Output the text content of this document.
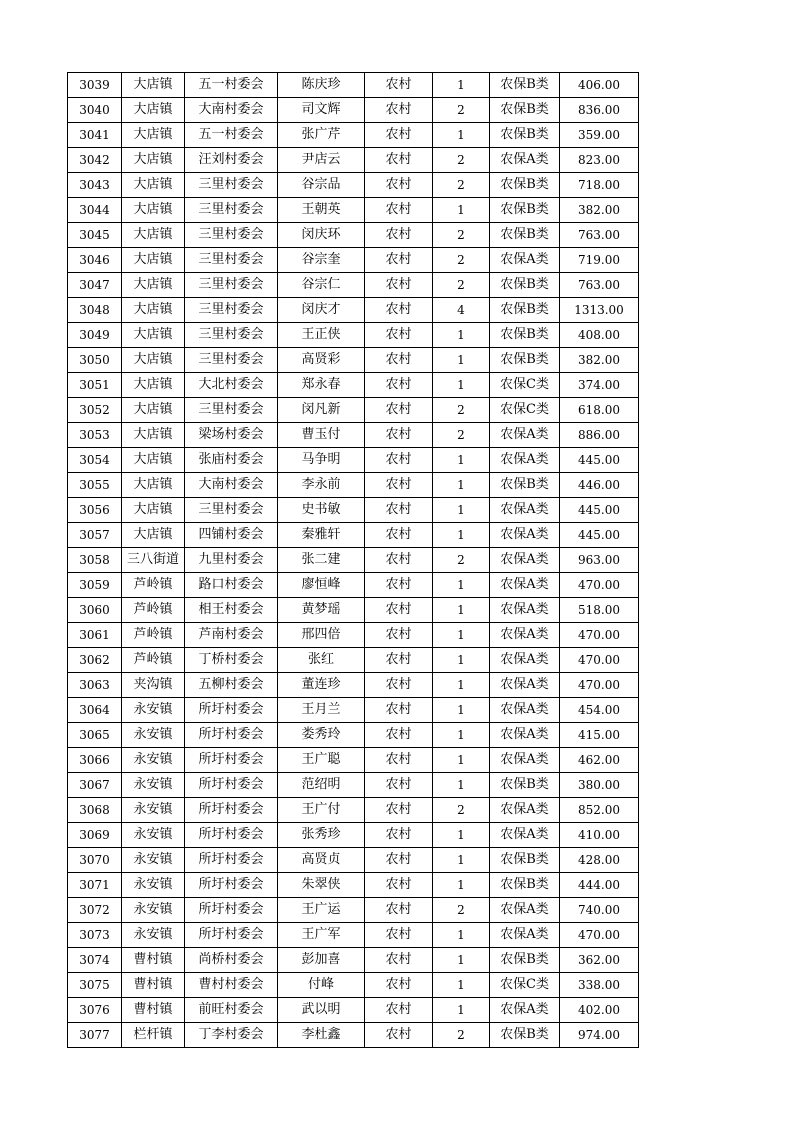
3039	大店镇	五一村委会	陈庆珍	农村	1	农保B类	406.00
3040	大店镇	大南村委会	司文辉	农村	2	农保B类	836.00
3041	大店镇	五一村委会	张广芹	农村	1	农保B类	359.00
3042	大店镇	汪刘村委会	尹店云	农村	2	农保A类	823.00
3043	大店镇	三里村委会	谷宗品	农村	2	农保B类	718.00
3044	大店镇	三里村委会	王朝英	农村	1	农保B类	382.00
3045	大店镇	三里村委会	闵庆环	农村	2	农保B类	763.00
3046	大店镇	三里村委会	谷宗奎	农村	2	农保A类	719.00
3047	大店镇	三里村委会	谷宗仁	农村	2	农保B类	763.00
3048	大店镇	三里村委会	闵庆才	农村	4	农保B类	1313.00
3049	大店镇	三里村委会	王正侠	农村	1	农保B类	408.00
3050	大店镇	三里村委会	高贤彩	农村	1	农保B类	382.00
3051	大店镇	大北村委会	郑永春	农村	1	农保C类	374.00
3052	大店镇	三里村委会	闵凡新	农村	2	农保C类	618.00
3053	大店镇	梁场村委会	曹玉付	农村	2	农保A类	886.00
3054	大店镇	张庙村委会	马争明	农村	1	农保A类	445.00
3055	大店镇	大南村委会	李永前	农村	1	农保B类	446.00
3056	大店镇	三里村委会	史书敏	农村	1	农保A类	445.00
3057	大店镇	四铺村委会	秦雅轩	农村	1	农保A类	445.00
3058	三八街道	九里村委会	张二建	农村	2	农保A类	963.00
3059	芦岭镇	路口村委会	廖恒峰	农村	1	农保A类	470.00
3060	芦岭镇	相王村委会	黄梦瑶	农村	1	农保A类	518.00
3061	芦岭镇	芦南村委会	邢四倍	农村	1	农保A类	470.00
3062	芦岭镇	丁桥村委会	张红	农村	1	农保A类	470.00
3063	夹沟镇	五柳村委会	董连珍	农村	1	农保A类	470.00
3064	永安镇	所圩村委会	王月兰	农村	1	农保A类	454.00
3065	永安镇	所圩村委会	娄秀玲	农村	1	农保A类	415.00
3066	永安镇	所圩村委会	王广聪	农村	1	农保A类	462.00
3067	永安镇	所圩村委会	范绍明	农村	1	农保B类	380.00
3068	永安镇	所圩村委会	王广付	农村	2	农保A类	852.00
3069	永安镇	所圩村委会	张秀珍	农村	1	农保A类	410.00
3070	永安镇	所圩村委会	高贤贞	农村	1	农保B类	428.00
3071	永安镇	所圩村委会	朱翠侠	农村	1	农保B类	444.00
3072	永安镇	所圩村委会	王广运	农村	2	农保A类	740.00
3073	永安镇	所圩村委会	王广军	农村	1	农保A类	470.00
3074	曹村镇	尚桥村委会	彭加喜	农村	1	农保B类	362.00
3075	曹村镇	曹村村委会	付峰	农村	1	农保C类	338.00
3076	曹村镇	前旺村委会	武以明	农村	1	农保A类	402.00
3077	栏杆镇	丁李村委会	李杜鑫	农村	2	农保B类	974.00
